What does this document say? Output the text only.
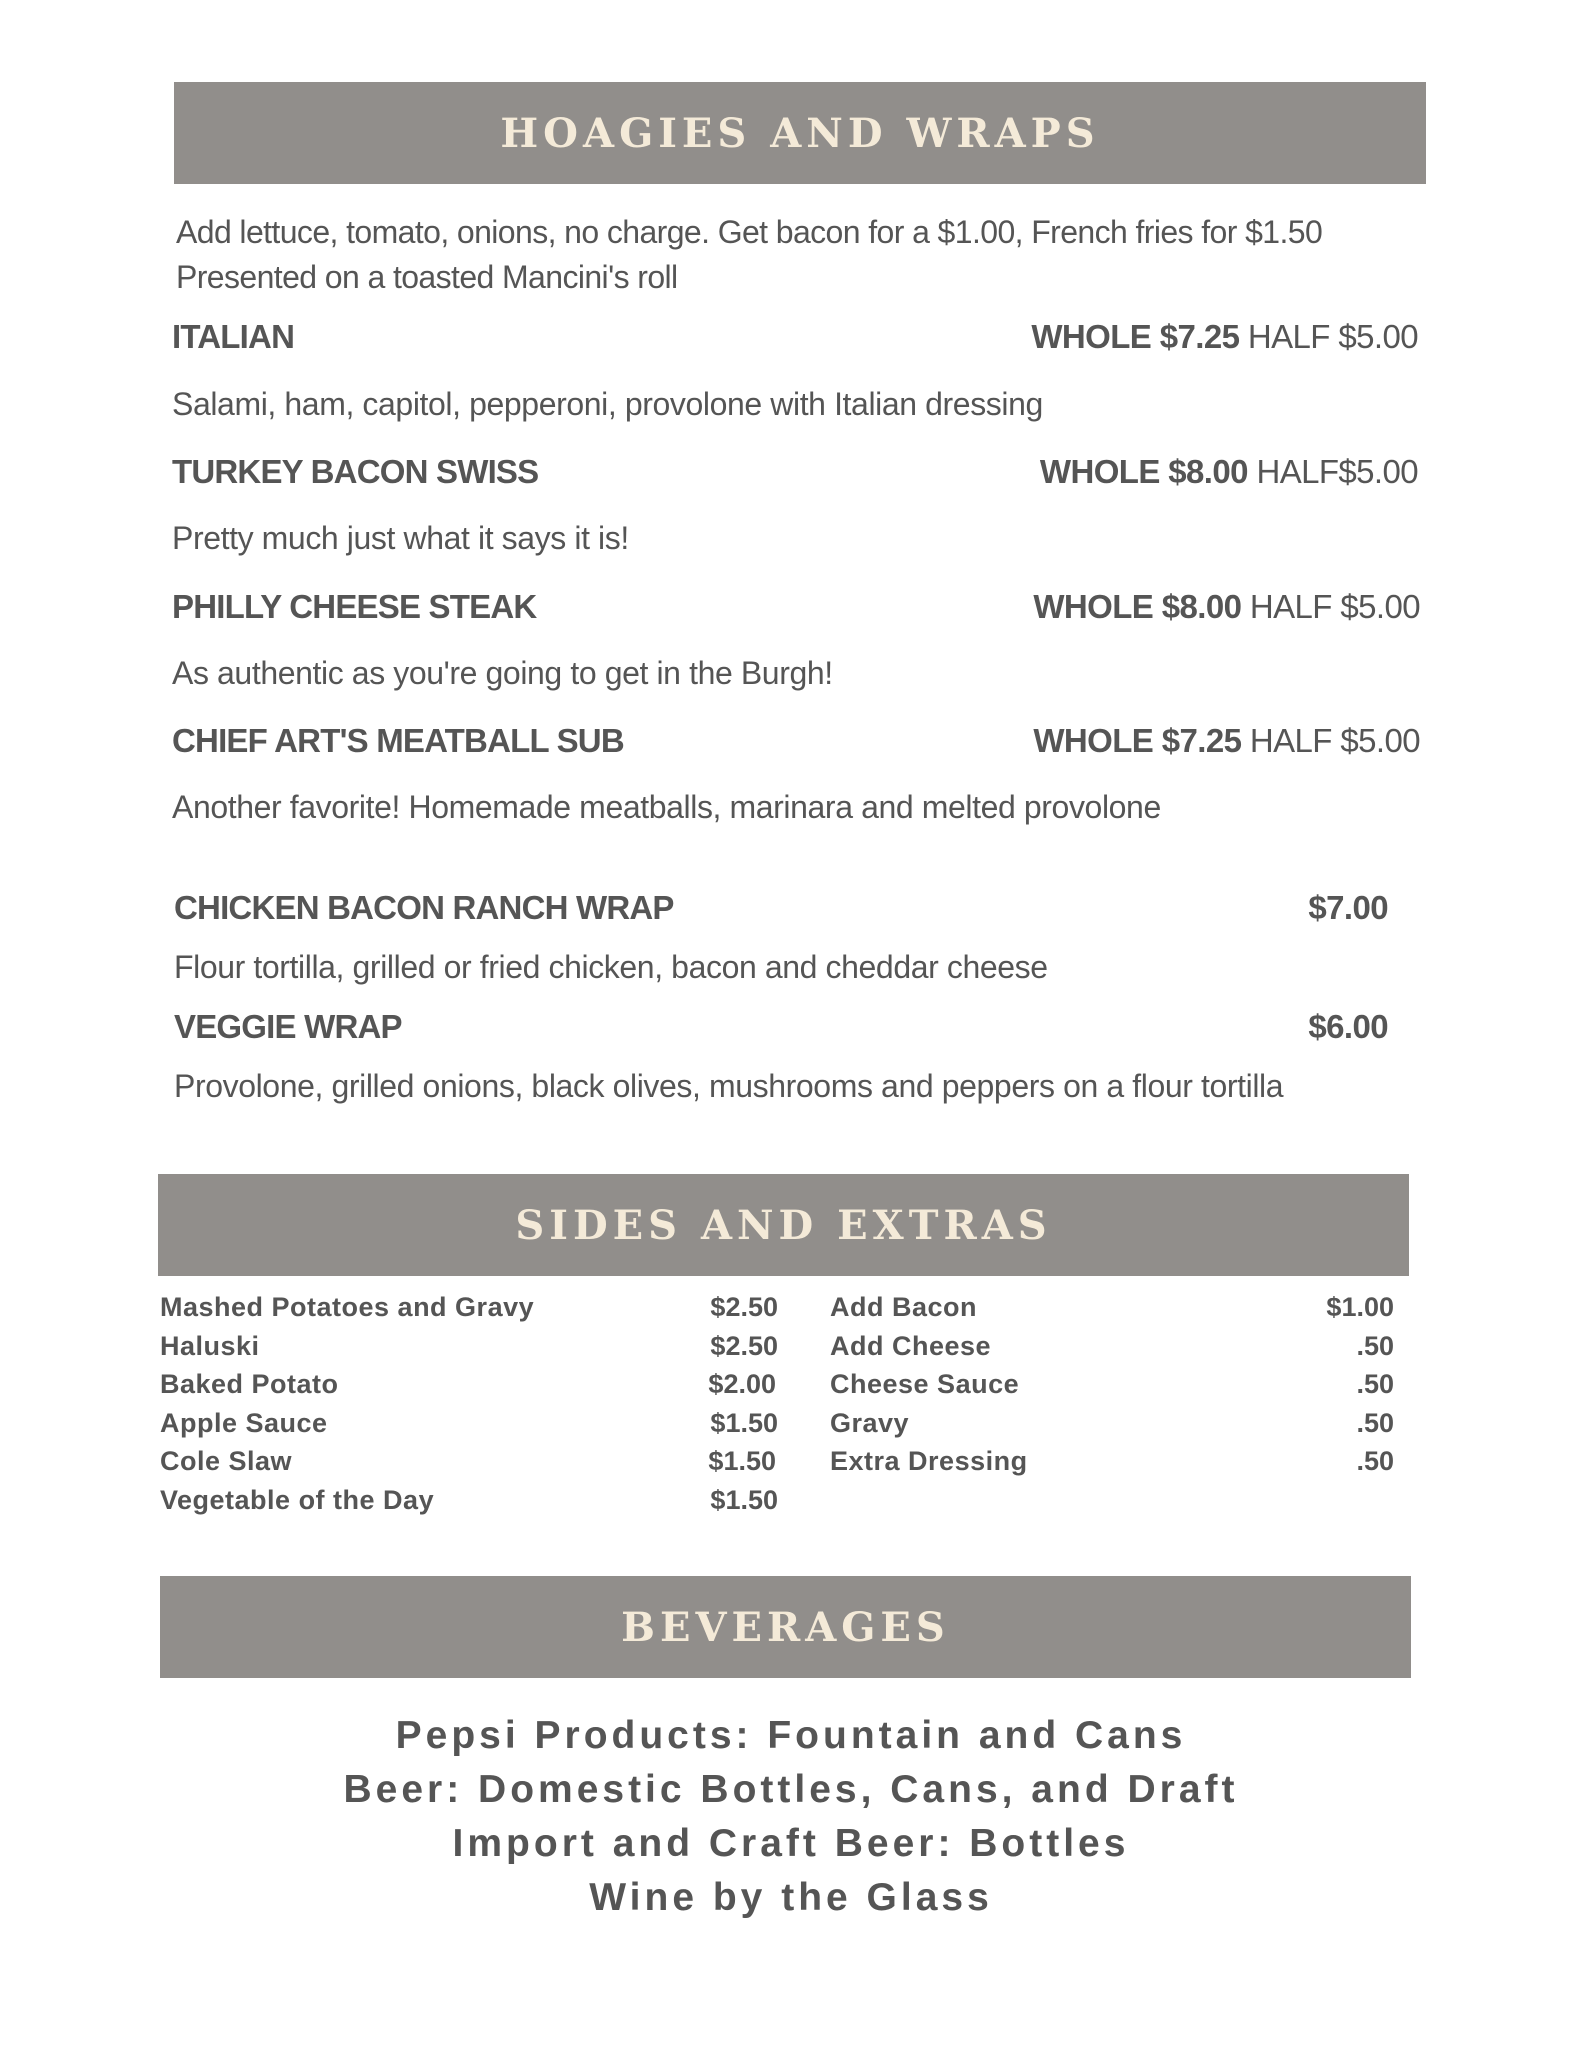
HOAGIES AND WRAPS
Add lettuce, tomato, onions, no charge. Get bacon for a $1.00, French fries for $1.50
Presented on a toasted Mancini's roll
ITALIAN	WHOLE $7.25 HALF $5.00
Salami, ham, capitol, pepperoni, provolone with Italian dressing
TURKEY BACON SWISS	WHOLE $8.00 HALF$5.00
Pretty much just what it says it is!
PHILLY CHEESE STEAK	WHOLE $8.00 HALF $5.00
As authentic as you're going to get in the Burgh!
CHIEF ART'S MEATBALL SUB	WHOLE $7.25 HALF $5.00
Another favorite! Homemade meatballs, marinara and melted provolone
CHICKEN BACON RANCH WRAP	$7.00
Flour tortilla, grilled or fried chicken, bacon and cheddar cheese
VEGGIE WRAP	$6.00
Provolone, grilled onions, black olives, mushrooms and peppers on a flour tortilla
SIDES AND EXTRAS
Mashed Potatoes and Gravy	$2.50
Haluski	$2.50
Baked Potato	$2.00
Apple Sauce	$1.50
Cole Slaw	$1.50
Vegetable of the Day	$1.50
Add Bacon	$1.00
Add Cheese	.50
Cheese Sauce	.50
Gravy	.50
Extra Dressing	.50
BEVERAGES
Pepsi Products: Fountain and Cans
Beer: Domestic Bottles, Cans, and Draft
Import and Craft Beer: Bottles
Wine by the Glass
